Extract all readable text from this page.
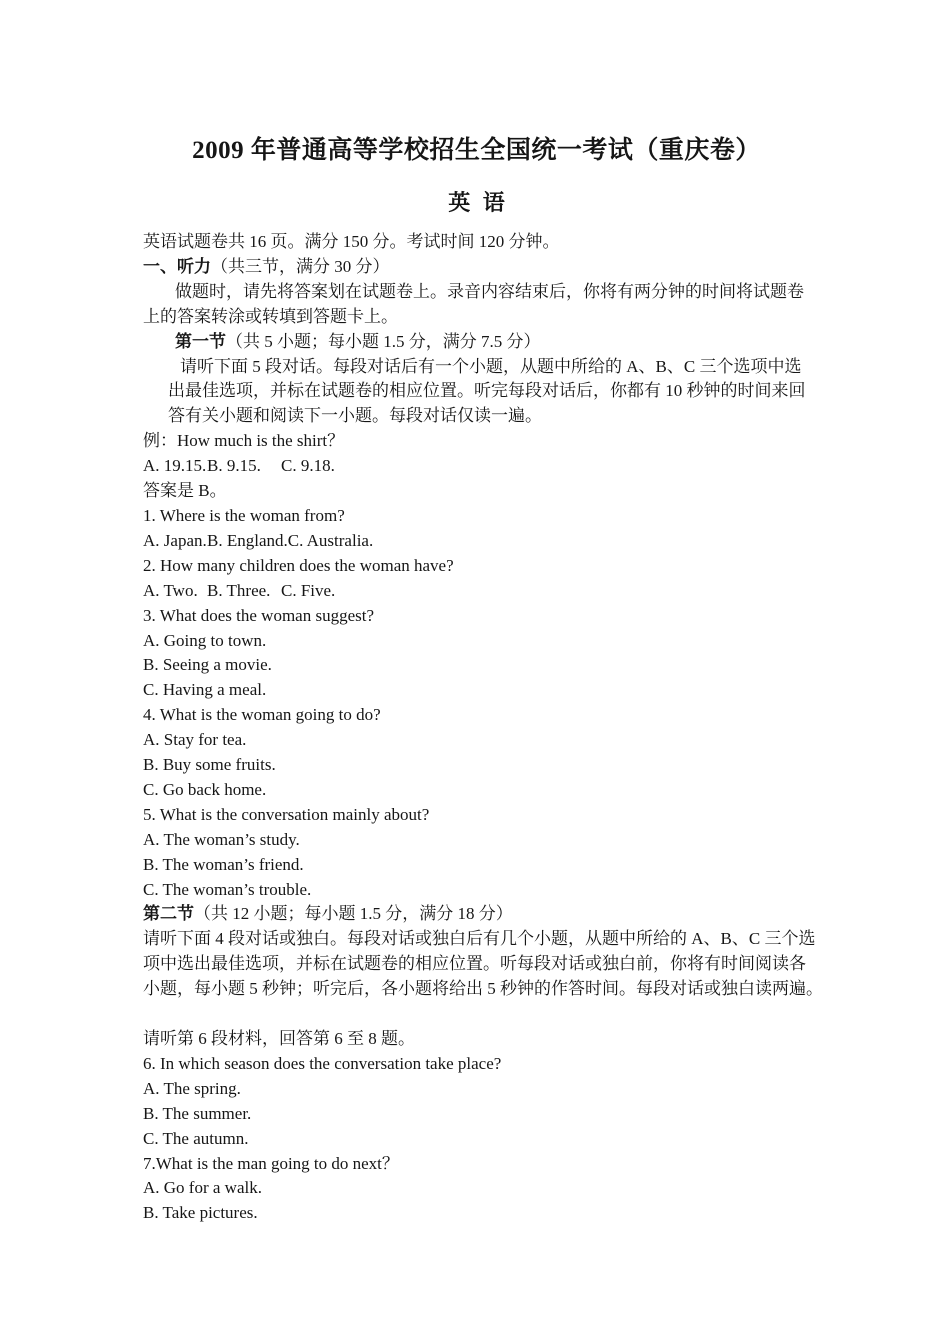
2009 年普通高等学校招生全国统一考试（重庆卷）
英 语
英语试题卷共 16 页。满分 150 分。考试时间 120 分钟。
一、听力（共三节，满分 30 分）
做题时，请先将答案划在试题卷上。录音内容结束后，你将有两分钟的时间将试题卷
上的答案转涂或转填到答题卡上。
第一节（共 5 小题；每小题 1.5 分，满分 7.5 分）
请听下面 5 段对话。每段对话后有一个小题，从题中所给的 A、B、C 三个选项中选
出最佳选项，并标在试题卷的相应位置。听完每段对话后，你都有 10 秒钟的时间来回
答有关小题和阅读下一小题。每段对话仅读一遍。
例：How much is the shirt？
A. 19.15.B. 9.15. C. 9.18.
答案是 B。
1. Where is the woman from?
A. Japan.B. England.C. Australia.
2. How many children does the woman have?
A. Two. B. Three. C. Five.
3. What does the woman suggest?
A. Going to town.
B. Seeing a movie.
C. Having a meal.
4. What is the woman going to do?
A. Stay for tea.
B. Buy some fruits.
C. Go back home.
5. What is the conversation mainly about?
A. The woman’s study.
B. The woman’s friend.
C. The woman’s trouble.
第二节（共 12 小题；每小题 1.5 分，满分 18 分）
请听下面 4 段对话或独白。每段对话或独白后有几个小题，从题中所给的 A、B、C 三个选
项中选出最佳选项，并标在试题卷的相应位置。听每段对话或独白前，你将有时间阅读各
小题，每小题 5 秒钟；听完后，各小题将给出 5 秒钟的作答时间。每段对话或独白读两遍。
请听第 6 段材料，回答第 6 至 8 题。
6. In which season does the conversation take place?
A. The spring.
B. The summer.
C. The autumn.
7.What is the man going to do next？
A. Go for a walk.
B. Take pictures.
